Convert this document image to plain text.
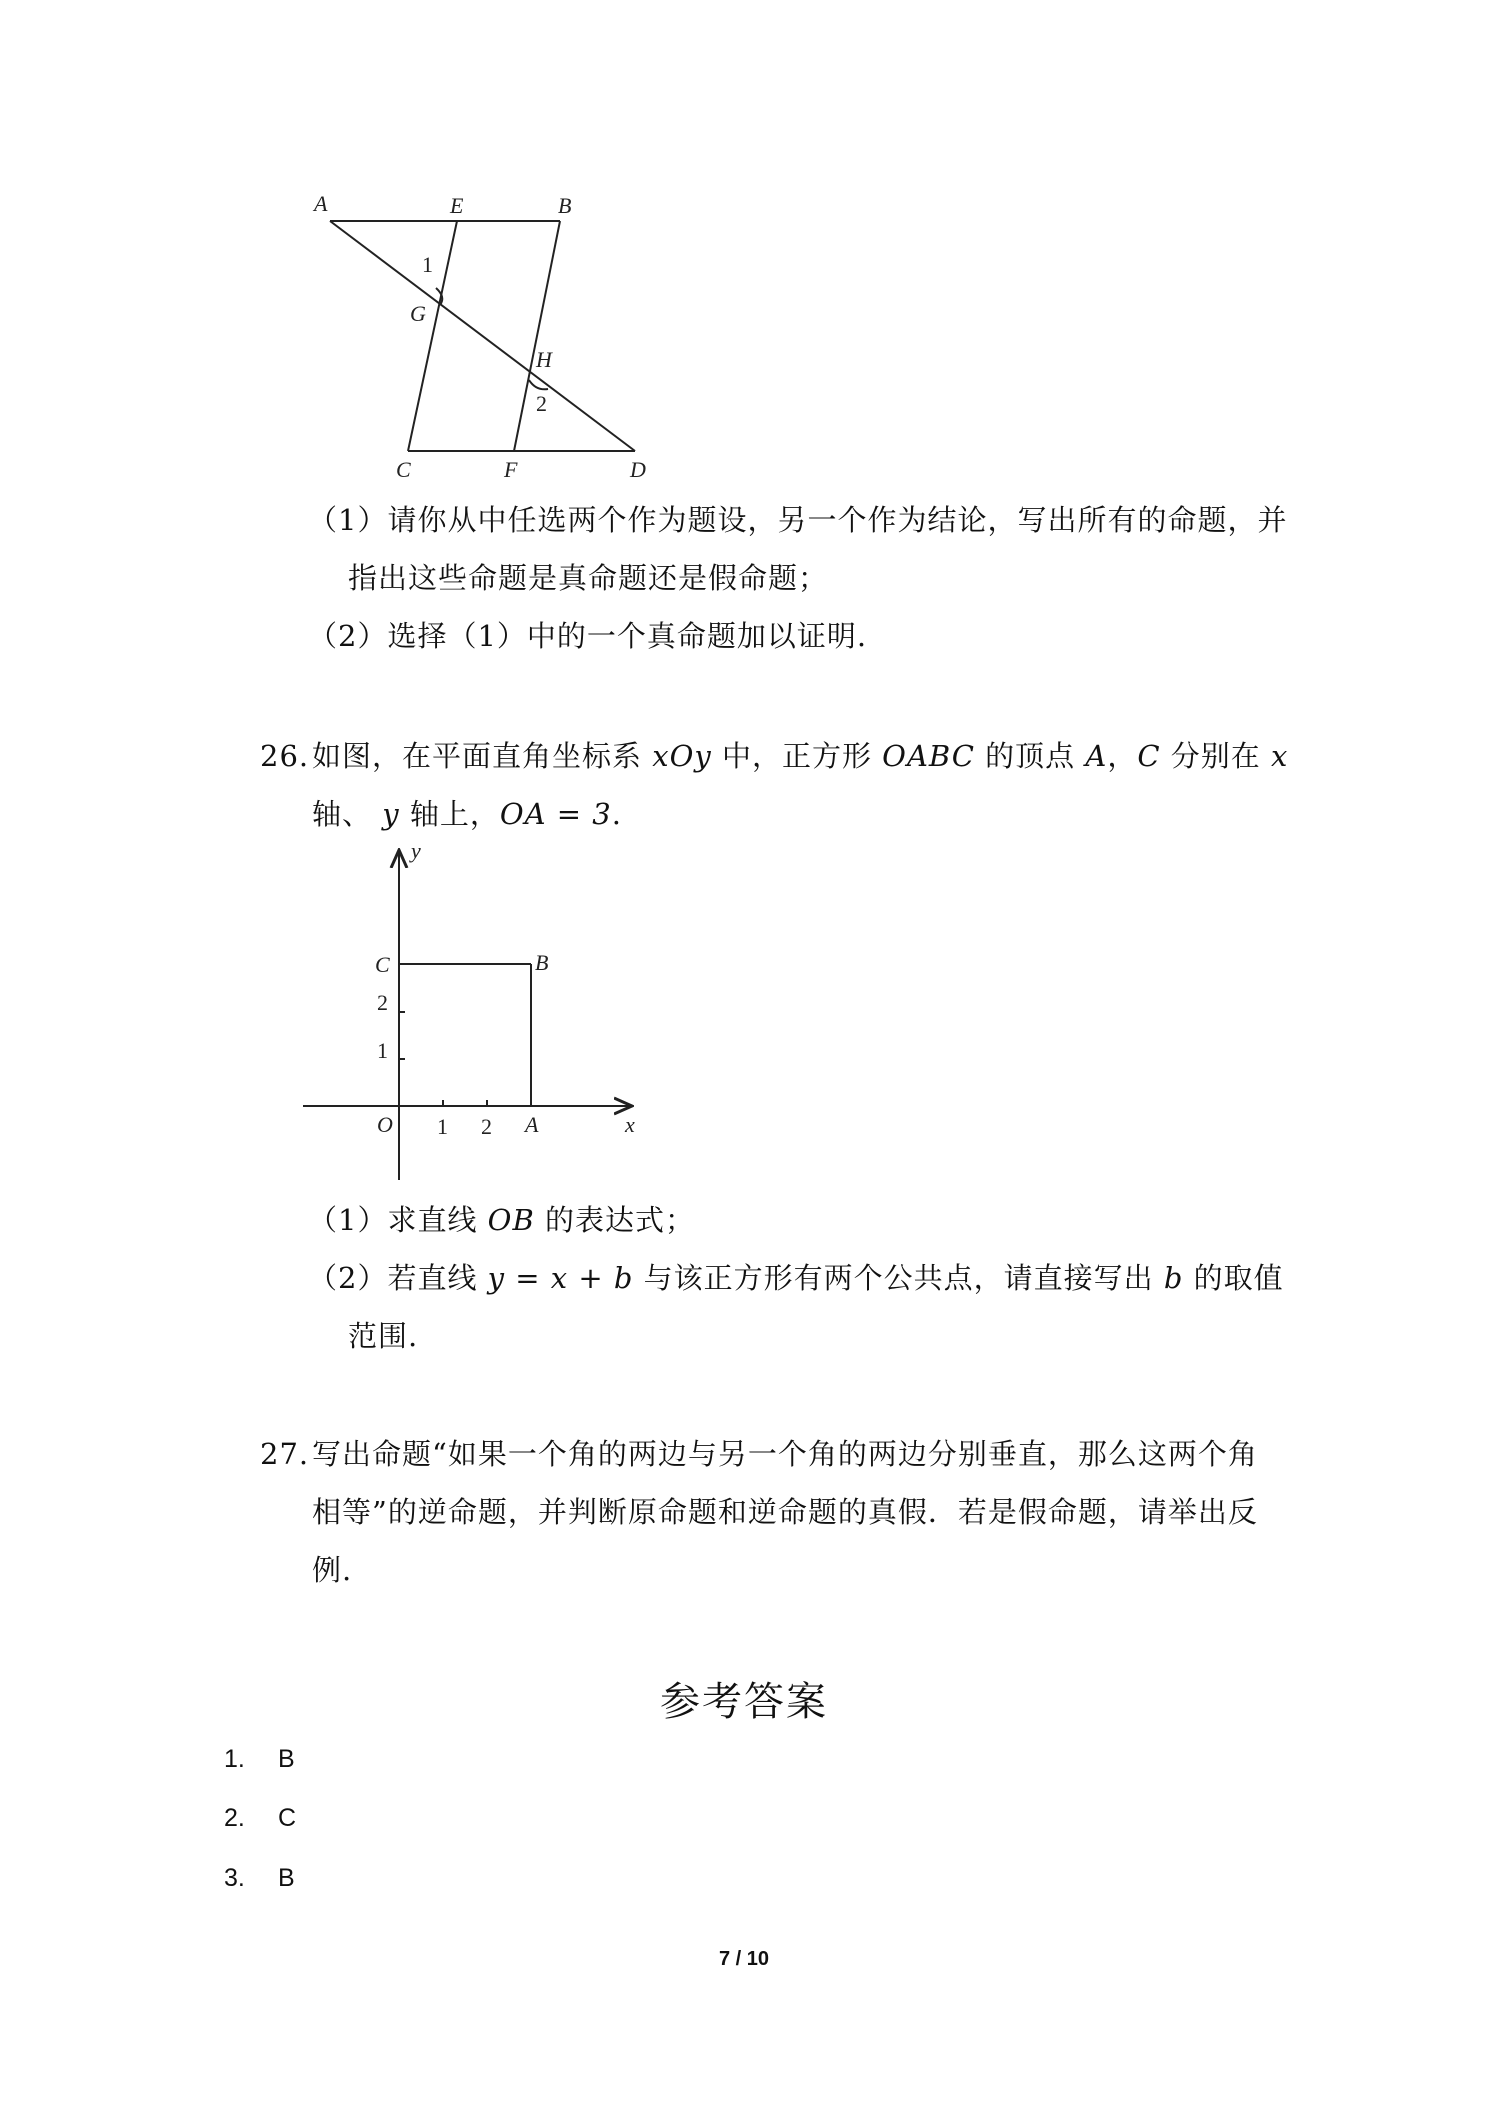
A	E	B
1
G
H
2
C	F	D
（1）请你从中任选两个作为题设，另一个作为结论，写出所有的命题，并
指出这些命题是真命题还是假命题；
（2）选择（1）中的一个真命题加以证明.
26. 如图，在平面直角坐标系 xOy 中，正方形 OABC 的顶点 A，C 分别在 x
轴、 y 轴上，OA = 3.
y
x
C	B
2
1
O 1 2 A
（1）求直线 OB 的表达式；
（2）若直线 y = x + b 与该正方形有两个公共点，请直接写出 b 的取值
范围.
27. 写出命题“如果一个角的两边与另一个角的两边分别垂直，那么这两个角
相等”的逆命题，并判断原命题和逆命题的真假．若是假命题，请举出反
例.
参考答案
1. B
2. C
3. B
7 / 10
